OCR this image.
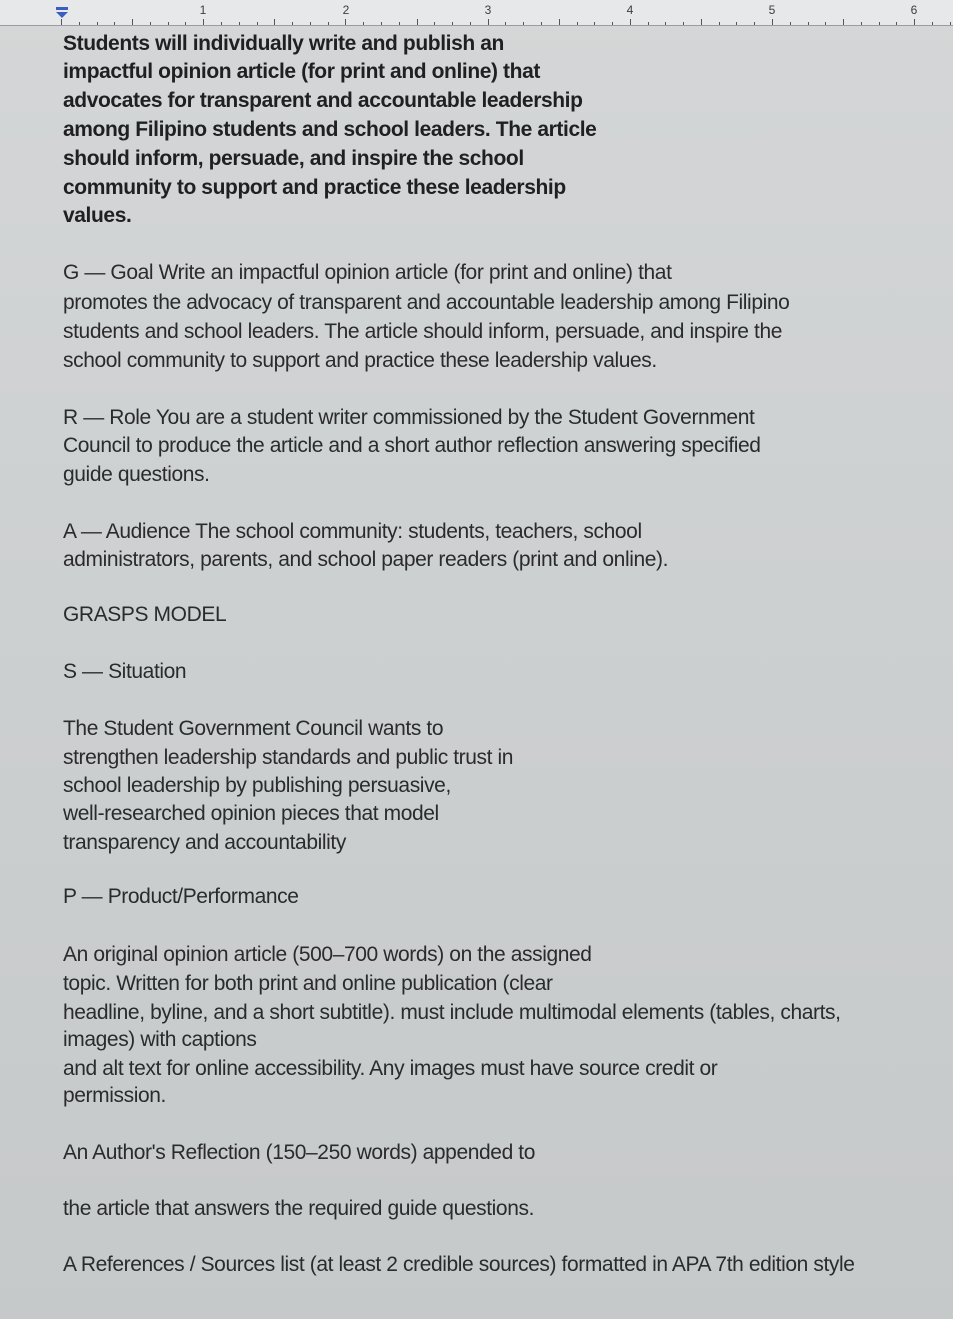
1	2	3	4	5	6
Students will individually write and publish an
impactful opinion article (for print and online) that
advocates for transparent and accountable leadership
among Filipino students and school leaders. The article
should inform, persuade, and inspire the school
community to support and practice these leadership
values.
G — Goal Write an impactful opinion article (for print and online) that
promotes the advocacy of transparent and accountable leadership among Filipino
students and school leaders. The article should inform, persuade, and inspire the
school community to support and practice these leadership values.
R — Role You are a student writer commissioned by the Student Government
Council to produce the article and a short author reflection answering specified
guide questions.
A — Audience The school community: students, teachers, school
administrators, parents, and school paper readers (print and online).
GRASPS MODEL
S — Situation
The Student Government Council wants to
strengthen leadership standards and public trust in
school leadership by publishing persuasive,
well-researched opinion pieces that model
transparency and accountability
P — Product/Performance
An original opinion article (500–700 words) on the assigned
topic. Written for both print and online publication (clear
headline, byline, and a short subtitle). must include multimodal elements (tables, charts,
images) with captions
and alt text for online accessibility. Any images must have source credit or
permission.
An Author's Reflection (150–250 words) appended to
the article that answers the required guide questions.
A References / Sources list (at least 2 credible sources) formatted in APA 7th edition style
